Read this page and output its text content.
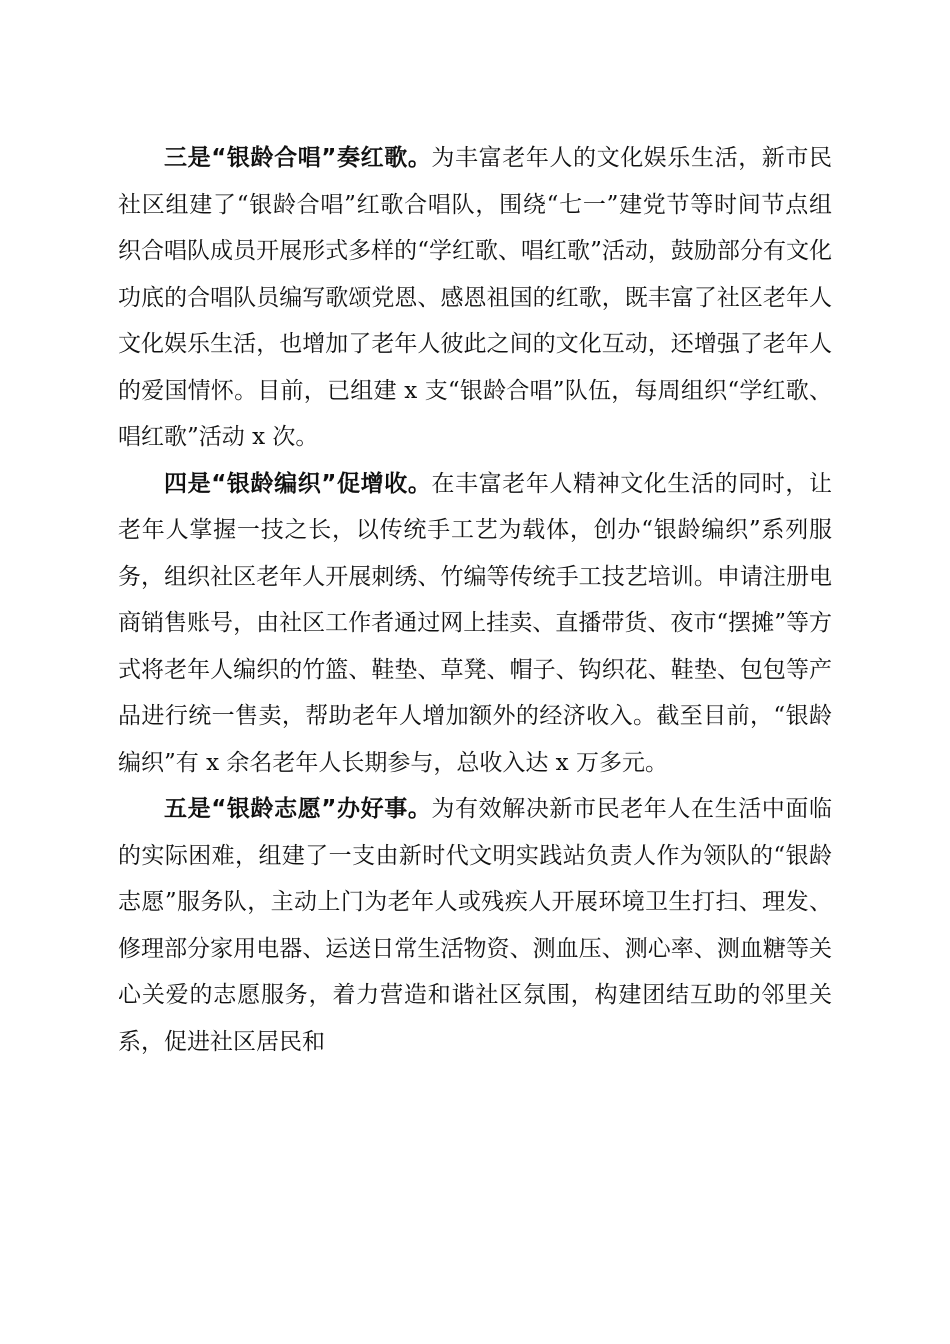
三是“银龄合唱”奏红歌。为丰富老年人的文化娱乐生活，新市民社区组建了“银龄合唱”红歌合唱队，围绕“七一”建党节等时间节点组织合唱队成员开展形式多样的“学红歌、唱红歌”活动，鼓励部分有文化功底的合唱队员编写歌颂党恩、感恩祖国的红歌，既丰富了社区老年人文化娱乐生活，也增加了老年人彼此之间的文化互动，还增强了老年人的爱国情怀。目前，已组建 x 支“银龄合唱”队伍，每周组织“学红歌、唱红歌”活动 x 次。

四是“银龄编织”促增收。在丰富老年人精神文化生活的同时，让老年人掌握一技之长，以传统手工艺为载体，创办“银龄编织”系列服务，组织社区老年人开展刺绣、竹编等传统手工技艺培训。申请注册电商销售账号，由社区工作者通过网上挂卖、直播带货、夜市“摆摊”等方式将老年人编织的竹篮、鞋垫、草凳、帽子、钩织花、鞋垫、包包等产品进行统一售卖，帮助老年人增加额外的经济收入。截至目前，“银龄编织”有 x 余名老年人长期参与，总收入达 x 万多元。

五是“银龄志愿”办好事。为有效解决新市民老年人在生活中面临的实际困难，组建了一支由新时代文明实践站负责人作为领队的“银龄志愿”服务队，主动上门为老年人或残疾人开展环境卫生打扫、理发、修理部分家用电器、运送日常生活物资、测血压、测心率、测血糖等关心关爱的志愿服务，着力营造和谐社区氛围，构建团结互助的邻里关系，促进社区居民和
